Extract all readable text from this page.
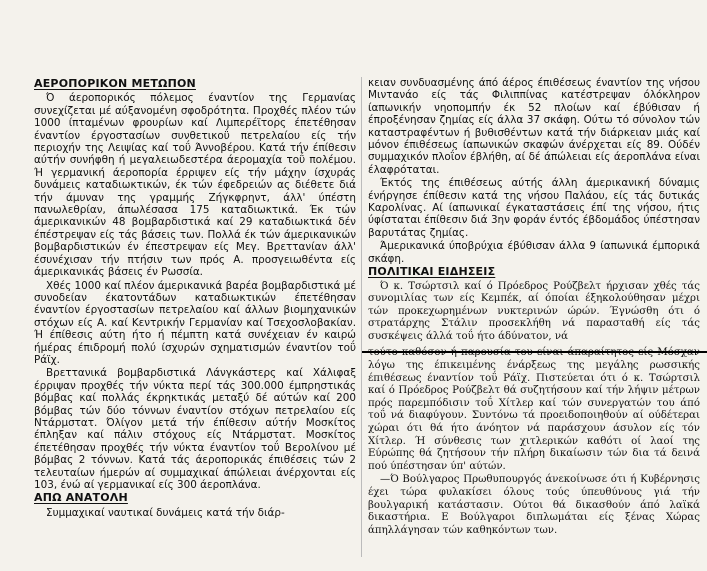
ΑΕΡΟΠΟΡΙΚΟΝ ΜΕΤΩΠΟΝ

Ό άεροπορικός πόλεμος έναντίον της Γερμανίας συνεχίζεται μέ αύξανομένη σφοδρότητα. Προχθές πλέον τών 1000 ίπταμένων φρουρίων καί Λιμπερέϊτορς έπετέθησαν έναντίον έργοστασίων συνθετικοΰ πετρελαίου είς τήν περιοχήν της Λειψίας καί τοΰ Άννοβέρου. Κατά τήν έπίθεσιν αύτήν συνήφθη ή μεγαλειωδεστέρα άερομαχία τοΰ πολέμου. Ή γερμανική άεροπορία έρριψεν είς τήν μάχην ίσχυράς δυνάμεις καταδιωκτικών, έκ τών έφεδρειών ας διέθετε διά τήν άμυναν της γραμμής Ζήγκφρηντ, άλλ' ύπέστη πανωλεθρίαν, άπωλέσασα 175 καταδιωκτικά. Έκ τών άμερικανικών 48 βομβαρδιστικά καί 29 καταδιωκτικά δέν έπέστρεψαν είς τάς βάσεις των. Πολλά έκ τών άμερικανικών βομβαρδιστικών έν έπεστρεψαν είς Μεγ. Βρεττανίαν άλλ' έσυνέχισαν τήν πτήσιν των πρός Α. προσγειωθέντα είς άμερικανικάς βάσεις έν Ρωσσία.

Χθές 1000 καί πλέον άμερικανικά βαρέα βομβαρδιστικά μέ συνοδείαν έκατοντάδων καταδιωκτικών έπετέθησαν έναντίον έργοστασίων πετρελαίου καί άλλων βιομηχανικών στόχων είς Α. καί Κεντρικήν Γερμανίαν καί Τσεχοσλοβακίαν. Ή έπίθεσις αύτη ήτο ή πέμπτη κατά συνέχειαν έν καιρώ ήμέρας έπιδρομή πολύ ίσχυρών σχηματισμών έναντίον τοΰ Ράϊχ.

Βρεττανικά βομβαρδιστικά Λάνγκάστερς καί Χάλιφαξ έρριψαν προχθές τήν νύκτα περί τάς 300.000 έμπρηστικάς βόμβας καί πολλάς έκρηκτικάς μεταξύ δέ αύτών καί 200 βόμβας τών δύο τόννων έναντίον στόχων πετρελαίου είς Ντάρμστατ. Όλίγον μετά τήν έπίθεσιν αύτήν Μοσκίτος έπληξαν καί πάλιν στόχους είς Ντάρμστατ. Μοσκίτος έπετέθησαν προχθές τήν νύκτα έναντίον τοΰ Βερολίνου μέ βόμβας 2 τόννων. Κατά τάς άεροπορικάς έπιθέσεις τών 2 τελευταίων ήμερών αί συμμαχικαί άπώλειαι άνέρχονται είς 103, ένώ αί γερμανικαί είς 300 άεροπλάνα.

ΑΠΩ ΑΝΑΤΟΛΗ

Συμμαχικαί ναυτικαί δυνάμεις κατά τήν διάρ-

κειαν συνδυασμένης άπό άέρος έπιθέσεως έναντίον της νήσου Μιντανάο είς τάς Φιλιππίνας κατέστρεψαν όλόκληρον ίαπωνικήν νηοπομπήν έκ 52 πλοίων καί έβύθισαν ή έπροξένησαν ζημίας είς άλλα 37 σκάφη. Ούτω τό σύνολον τών καταστραφέντων ή βυθισθέντων κατά τήν διάρκειαν μιάς καί μόνον έπιθέσεως ίαπωνικών σκαφών άνέρχεται είς 89. Ούδέν συμμαχικόν πλοΐον έβλήθη, αί δέ άπώλειαι είς άεροπλάνα είναι έλαφρόταται.

Έκτός της έπιθέσεως αύτής άλλη άμερικανική δύναμις ένήργησε έπίθεσιν κατά της νήσου Παλάου, είς τάς δυτικάς Καρολίνας. Αί ίαπωνικαί έγκαταστάσεις έπί της νήσου, ήτις ύφίσταται έπίθεσιν διά 3ην φοράν έντός έβδομάδος ύπέστησαν βαρυτάτας ζημίας.

Άμερικανικά ύποβρύχια έβύθισαν άλλα 9 ίαπωνικά έμπορικά σκάφη.

ΠΟΛΙΤΙΚΑΙ ΕΙΔΗΣΕΙΣ

Ό κ. Τσώρτσιλ καί ό Πρόεδρος Ρούζβελτ ήρχισαν χθές τάς συνομιλίας των είς Κεμπέκ, αί όποίαι έξηκολούθησαν μέχρι τών προκεχωρημένων νυκτερινών ώρών. Έγνώσθη ότι ό στρατάρχης Στάλιν προσεκλήθη νά παρασταθή είς τάς συσκέψεις άλλά τοΰ ήτο άδύνατον, νά

λόγω της έπικειμένης ένάρξεως της μεγάλης ρωσσικής έπιθέσεως έναντίον τοΰ Ράϊχ. Πιστεύεται ότι ό κ. Τσώρτσιλ καί ό Πρόεδρος Ρούζβελτ θά συζητήσουν καί τήν λήψιν μέτρων πρός παρεμπόδισιν τοΰ Χίτλερ καί τών συνεργατών του άπό τοΰ νά διαφύγουν. Συντόνω τά προειδοποιηθούν αί ούδέτεραι χώραι ότι θά ήτο άνόητον νά παράσχουν άσυλον είς τόν Χίτλερ. Ή σύνθεσις των χιτλερικών καθότι οί λαοί της Εύρώπης θά ζητήσουν τήν πλήρη δικαίωσιν τών δια τά δεινά πού ύπέστησαν ύπ' αύτών.

—Ό Βούλγαρος Πρωθυπουργός άνεκοίνωσε ότι ή Κυβέρνησις έχει τώρα φυλακίσει όλους τούς ύπευθύνους γιά τήν βουλγαρική κατάστασιν. Ούτοι θά δικασθούν άπό λαϊκά δικαστήρια. Ε Βούλγαροι διπλωμάται είς ξένας Χώρας άπηλλάγησαν τών καθηκόντων των.
